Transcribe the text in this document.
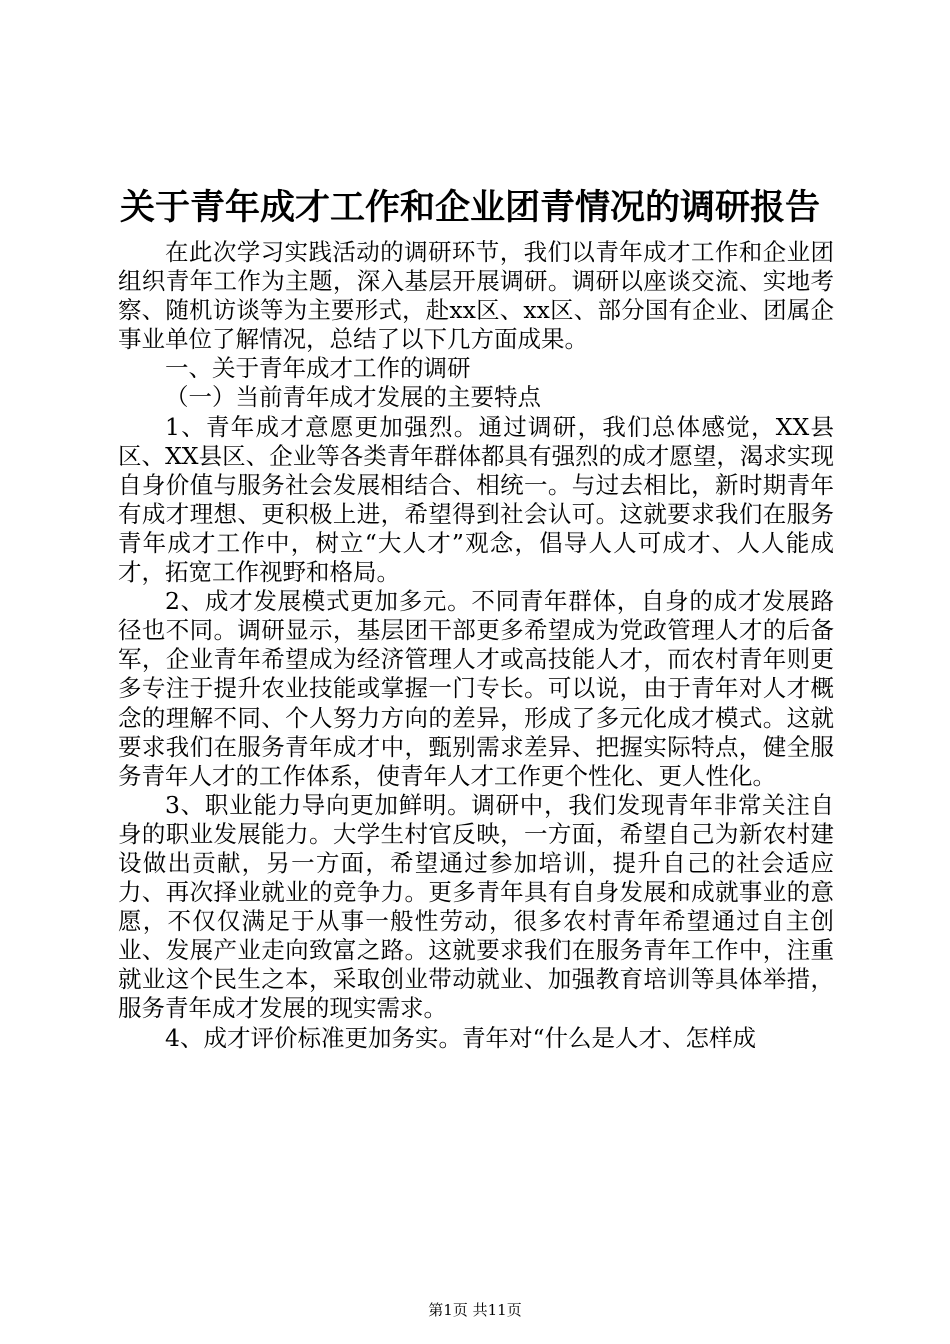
关于青年成才工作和企业团青情况的调研报告

在此次学习实践活动的调研环节，我们以青年成才工作和企业团组织青年工作为主题，深入基层开展调研。调研以座谈交流、实地考察、随机访谈等为主要形式，赴xx区、xx区、部分国有企业、团属企事业单位了解情况，总结了以下几方面成果。

一、关于青年成才工作的调研

（一）当前青年成才发展的主要特点

1、青年成才意愿更加强烈。通过调研，我们总体感觉，XX县区、XX县区、企业等各类青年群体都具有强烈的成才愿望，渴求实现自身价值与服务社会发展相结合、相统一。与过去相比，新时期青年有成才理想、更积极上进，希望得到社会认可。这就要求我们在服务青年成才工作中，树立“大人才”观念，倡导人人可成才、人人能成才，拓宽工作视野和格局。

2、成才发展模式更加多元。不同青年群体，自身的成才发展路径也不同。调研显示，基层团干部更多希望成为党政管理人才的后备军，企业青年希望成为经济管理人才或高技能人才，而农村青年则更多专注于提升农业技能或掌握一门专长。可以说，由于青年对人才概念的理解不同、个人努力方向的差异，形成了多元化成才模式。这就要求我们在服务青年成才中，甄别需求差异、把握实际特点，健全服务青年人才的工作体系，使青年人才工作更个性化、更人性化。

3、职业能力导向更加鲜明。调研中，我们发现青年非常关注自身的职业发展能力。大学生村官反映，一方面，希望自己为新农村建设做出贡献，另一方面，希望通过参加培训，提升自己的社会适应力、再次择业就业的竞争力。更多青年具有自身发展和成就事业的意愿，不仅仅满足于从事一般性劳动，很多农村青年希望通过自主创业、发展产业走向致富之路。这就要求我们在服务青年工作中，注重就业这个民生之本，采取创业带动就业、加强教育培训等具体举措，服务青年成才发展的现实需求。

4、成才评价标准更加务实。青年对“什么是人才、怎样成

第1页 共11页
